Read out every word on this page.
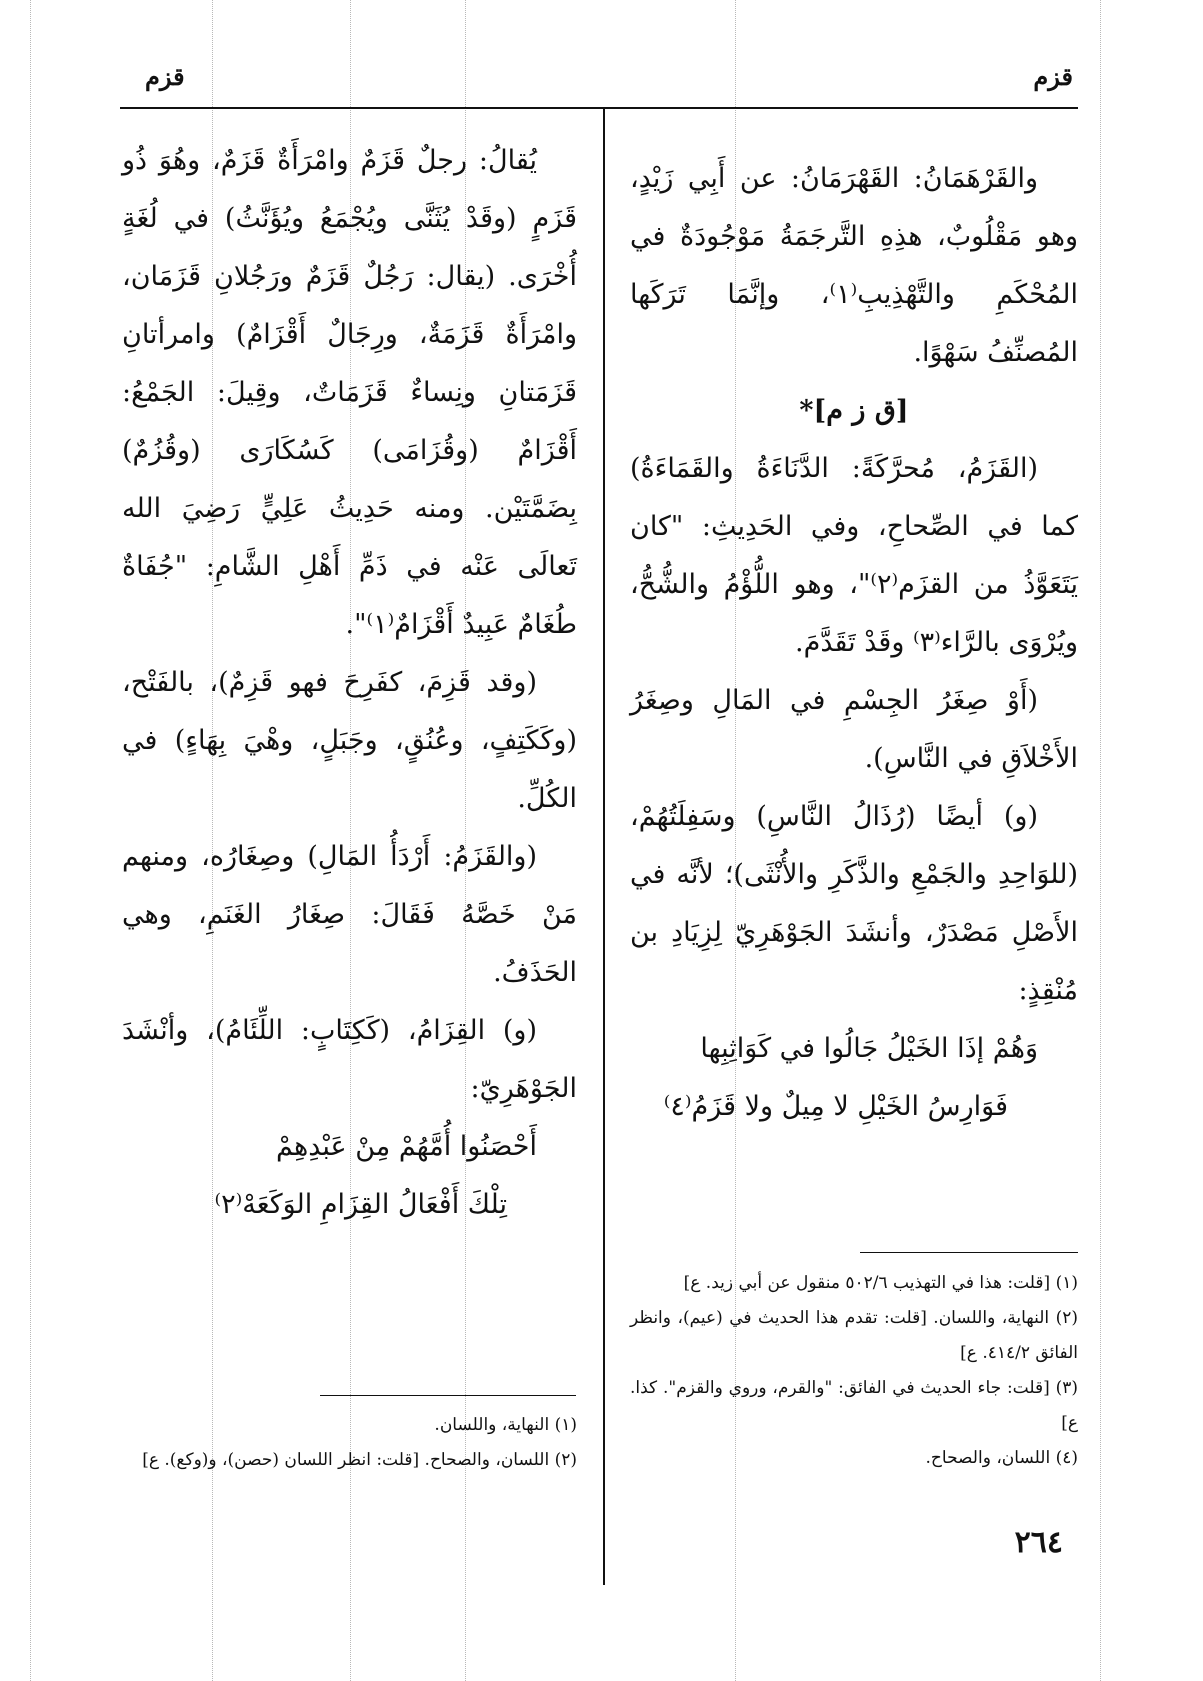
قزم
قزم

والقَرْهَمَانُ: القَهْرَمَانُ: عن أَبِي زَيْدٍ، وهو مَقْلُوبٌ، هذِهِ التَّرجَمَةُ مَوْجُودَةٌ في المُحْكَمِ والتَّهْذِيبِ⁽١⁾، وإنَّمَا تَرَكَها المُصنِّفُ سَهْوًا.

[ق ز م]*

(القَزَمُ، مُحرَّكَةً: الدَّنَاءَةُ والقَمَاءَةُ) كما في الصِّحاحِ، وفي الحَدِيثِ: "كان يَتَعَوَّذُ من القزَم⁽٢⁾"، وهو اللُّؤْمُ والشُّحُّ، ويُرْوَى بالرَّاء⁽٣⁾ وقَدْ تَقَدَّمَ.

(أَوْ صِغَرُ الجِسْمِ في المَالِ وصِغَرُ الأَخْلاَقِ في النَّاسِ).

(و) أيضًا (رُذَالُ النَّاسِ) وسَفِلَتُهُمْ، (للوَاحِدِ والجَمْعِ والذَّكَرِ والأُنْثَى)؛ لأنَّه في الأَصْلِ مَصْدَرٌ، وأنشَدَ الجَوْهَرِيّ لِزِيَادِ بن مُنْقِذٍ:

وَهُمْ إذَا الخَيْلُ جَالُوا في كَوَاثِبِها

فَوَارِسُ الخَيْلِ لا مِيلٌ ولا قَزَمُ⁽٤⁾

(١) [قلت: هذا في التهذيب ٥٠٢/٦ منقول عن أبي زيد. ع]

(٢) النهاية، واللسان. [قلت: تقدم هذا الحديث في (عيم)، وانظر الفائق ٤١٤/٢. ع]

(٣) [قلت: جاء الحديث في الفائق: "والقرم، وروي والقزم". كذا. ع]

(٤) اللسان، والصحاح.

يُقالُ: رجلٌ قَزَمٌ وامْرَأَةٌ قَزَمٌ، وهُوَ ذُو قَزَمٍ (وقَدْ يُثَنَّى ويُجْمَعُ ويُؤَنَّثُ) في لُغَةٍ أُخْرَى. (يقال: رَجُلٌ قَزَمٌ ورَجُلانِ قَزَمَان، وامْرَأَةٌ قَزَمَةٌ، ورِجَالٌ أَقْزَامٌ) وامرأتانِ قَزَمَتانِ ونِساءٌ قَزَمَاتٌ، وقِيلَ: الجَمْعُ: أَقْزَامٌ (وقُزَامَى) كَسُكَارَى (وقُزُمٌ) بِضَمَّتَيْن. ومنه حَدِيثُ عَلِيٍّ رَضِيَ الله تَعالَى عَنْه في ذَمِّ أَهْلِ الشَّامِ: "جُفَاةٌ طُغَامٌ عَبِيدٌ أَقْزَامٌ⁽١⁾".

(وقد قَزِمَ، كفَرِحَ فهو قَزِمٌ)، بالفَتْح، (وكَكَتِفٍ، وعُنُقٍ، وجَبَلٍ، وهْيَ بِهَاءٍ) في الكُلِّ.

(والقَزَمُ: أَرْدَأُ المَالِ) وصِغَارُه، ومنهم مَنْ خَصَّهُ فَقَالَ: صِغَارُ الغَنَمِ، وهي الحَذَفُ.

(و) القِزَامُ، (كَكِتَابٍ: اللِّئَامُ)، وأنْشَدَ الجَوْهَرِيّ:

أَحْصَنُوا أُمَّهُمْ مِنْ عَبْدِهِمْ

تِلْكَ أَفْعَالُ القِزَامِ الوَكَعَهْ⁽٢⁾

(١) النهاية، واللسان.

(٢) اللسان، والصحاح. [قلت: انظر اللسان (حصن)، و(وكع). ع]

٢٦٤
